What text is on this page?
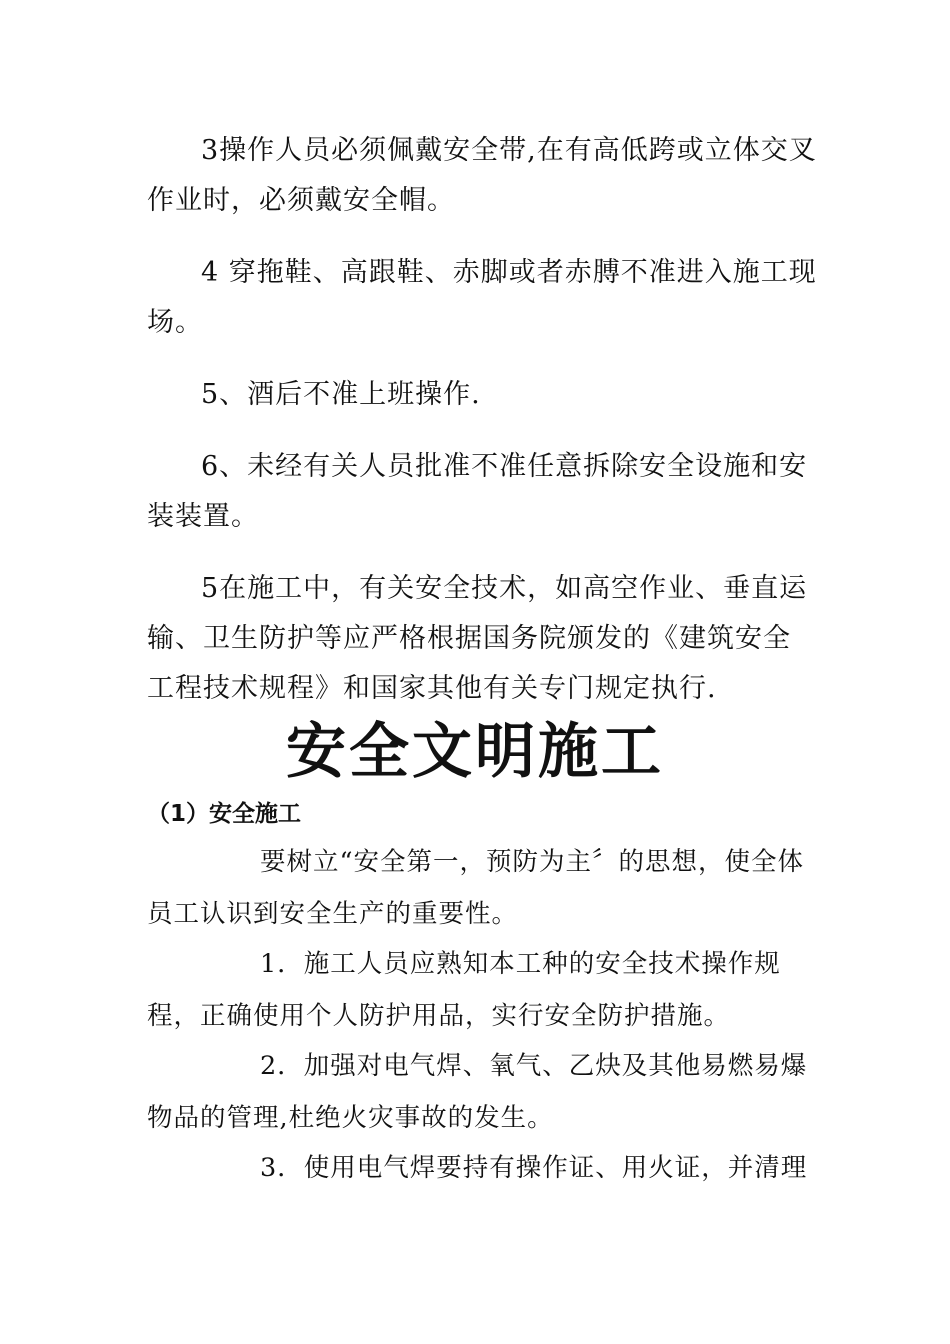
3操作人员必须佩戴安全带,在有高低跨或立体交叉作业时，必须戴安全帽。

4 穿拖鞋、高跟鞋、赤脚或者赤膊不准进入施工现场。

5、酒后不准上班操作.

6、未经有关人员批准不准任意拆除安全设施和安装装置。

5在施工中，有关安全技术，如高空作业、垂直运输、卫生防护等应严格根据国务院颁发的《建筑安全工程技术规程》和国家其他有关专门规定执行.

安全文明施工
（1）安全施工

要树立“安全第一，预防为主〞的思想，使全体员工认识到安全生产的重要性。

1．施工人员应熟知本工种的安全技术操作规程，正确使用个人防护用品，实行安全防护措施。

2．加强对电气焊、氧气、乙炔及其他易燃易爆物品的管理,杜绝火灾事故的发生。

3．使用电气焊要持有操作证、用火证，并清理
